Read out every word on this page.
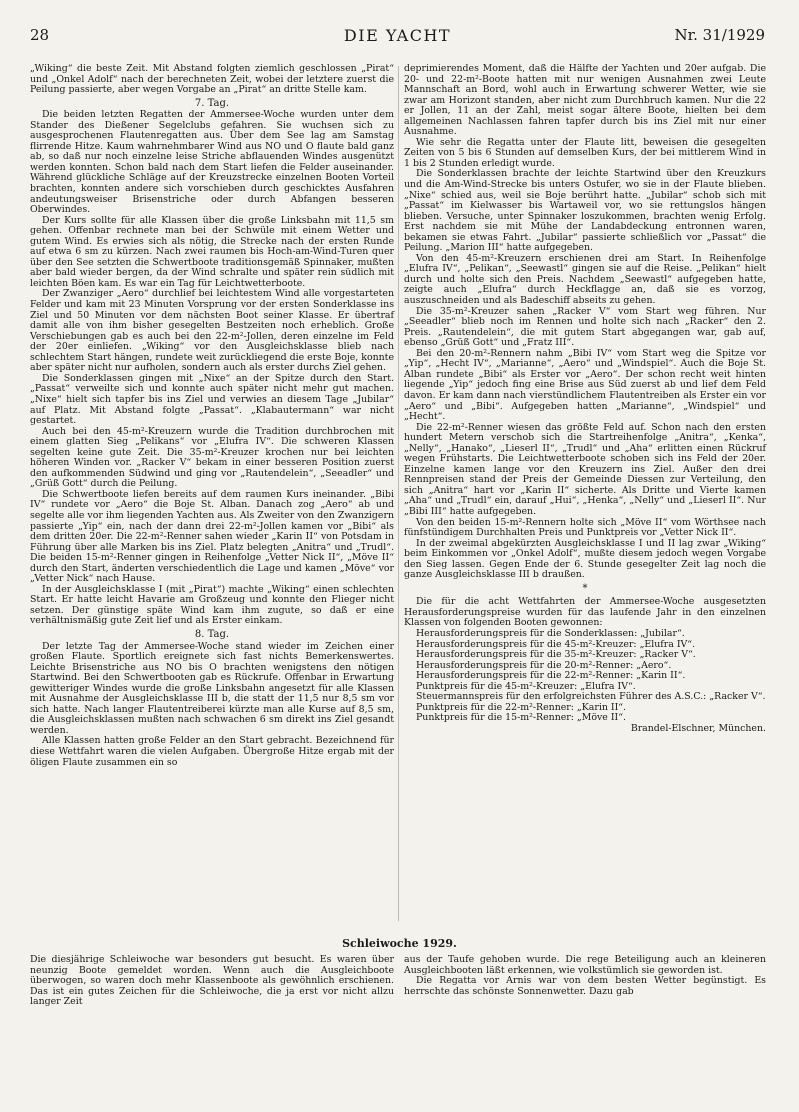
28	DIE YACHT	Nr. 31/1929

„Wiking“ die beste Zeit. Mit Abstand folgten ziemlich geschlossen „Pirat“ und „Onkel Adolf“ nach der berechneten Zeit, wobei der letztere zuerst die Peilung passierte, aber wegen Vorgabe an „Pirat“ an dritte Stelle kam.

7. Tag.

Die beiden letzten Regatten der Ammersee-Woche wurden unter dem Stander des Dießener Segelclubs gefahren. Sie wuchsen sich zu ausgesprochenen Flautenregatten aus. Über dem See lag am Samstag flirrende Hitze. Kaum wahrnehmbarer Wind aus NO und O flaute bald ganz ab, so daß nur noch einzelne leise Striche abflauenden Windes ausgenützt werden konnten. Schon bald nach dem Start liefen die Felder auseinander. Während glückliche Schläge auf der Kreuzstrecke einzelnen Booten Vorteil brachten, konnten andere sich vorschieben durch geschicktes Ausfahren andeutungsweiser Brisenstriche oder durch Abfangen besseren Oberwindes.

Der Kurs sollte für alle Klassen über die große Linksbahn mit 11,5 sm gehen. Offenbar rechnete man bei der Schwüle mit einem Wetter und gutem Wind. Es erwies sich als nötig, die Strecke nach der ersten Runde auf etwa 6 sm zu kürzen. Nach zwei raumen bis Hoch-am-Wind-Turen quer über den See setzten die Schwertboote traditionsgemäß Spinnaker, mußten aber bald wieder bergen, da der Wind schralte und später rein südlich mit leichten Böen kam. Es war ein Tag für Leichtwetterboote.

Der Zwanziger „Aero“ durchlief bei leichtestem Wind alle vorgestarteten Felder und kam mit 23 Minuten Vorsprung vor der ersten Sonderklasse ins Ziel und 50 Minuten vor dem nächsten Boot seiner Klasse. Er übertraf damit alle von ihm bisher gesegelten Bestzeiten noch erheblich. Große Verschiebungen gab es auch bei den 22-m²-Jollen, deren einzelne im Feld der 20er einliefen. „Wiking“ vor den Ausgleichsklasse blieb nach schlechtem Start hängen, rundete weit zurückliegend die erste Boje, konnte aber später nicht nur aufholen, sondern auch als erster durchs Ziel gehen.

Die Sonderklassen gingen mit „Nixe“ an der Spitze durch den Start. „Passat“ verweilte sich und konnte auch später nicht mehr gut machen. „Nixe“ hielt sich tapfer bis ins Ziel und verwies an diesem Tage „Jubilar“ auf Platz. Mit Abstand folgte „Passat“. „Klabautermann“ war nicht gestartet.

Auch bei den 45-m²-Kreuzern wurde die Tradition durchbrochen mit einem glatten Sieg „Pelikans“ vor „Elufra IV“. Die schweren Klassen segelten keine gute Zeit. Die 35-m²-Kreuzer krochen nur bei leichten höheren Winden vor. „Racker V“ bekam in einer besseren Position zuerst den aufkommenden Südwind und ging vor „Rautendelein“, „Seeadler“ und „Grüß Gott“ durch die Peilung.

Die Schwertboote liefen bereits auf dem raumen Kurs ineinander. „Bibi IV“ rundete vor „Aero“ die Boje St. Alban. Danach zog „Aero“ ab und segelte alle vor ihm liegenden Yachten aus. Als Zweiter von den Zwanzigern passierte „Yip“ ein, nach der dann drei 22-m²-Jollen kamen vor „Bibi“ als dem dritten 20er. Die 22-m²-Renner sahen wieder „Karin II“ von Potsdam in Führung über alle Marken bis ins Ziel. Platz belegten „Anitra“ und „Trudl“. Die beiden 15-m²-Renner gingen in Reihenfolge „Vetter Nick II“, „Möve II“ durch den Start, änderten verschiedentlich die Lage und kamen „Möve“ vor „Vetter Nick“ nach Hause.

In der Ausgleichsklasse I (mit „Pirat“) machte „Wiking“ einen schlechten Start. Er hatte leicht Havarie am Großzeug und konnte den Flieger nicht setzen. Der günstige späte Wind kam ihm zugute, so daß er eine verhältnismäßig gute Zeit lief und als Erster einkam.

8. Tag.

Der letzte Tag der Ammersee-Woche stand wieder im Zeichen einer großen Flaute. Sportlich ereignete sich fast nichts Bemerkenswertes. Leichte Brisenstriche aus NO bis O brachten wenigstens den nötigen Startwind. Bei den Schwertbooten gab es Rückrufe. Offenbar in Erwartung gewitteriger Windes wurde die große Linksbahn angesetzt für alle Klassen mit Ausnahme der Ausgleichsklasse III b, die statt der 11,5 nur 8,5 sm vor sich hatte. Nach langer Flautentreiberei kürzte man alle Kurse auf 8,5 sm, die Ausgleichsklassen mußten nach schwachen 6 sm direkt ins Ziel gesandt werden.

Alle Klassen hatten große Felder an den Start gebracht. Bezeichnend für diese Wettfahrt waren die vielen Aufgaben. Übergroße Hitze ergab mit der öligen Flaute zusammen ein so

deprimierendes Moment, daß die Hälfte der Yachten und 20er aufgab. Die 20- und 22-m²-Boote hatten mit nur wenigen Ausnahmen zwei Leute Mannschaft an Bord, wohl auch in Erwartung schwerer Wetter, wie sie zwar am Horizont standen, aber nicht zum Durchbruch kamen. Nur die 22 er Jollen, 11 an der Zahl, meist sogar ältere Boote, hielten bei dem allgemeinen Nachlassen fahren tapfer durch bis ins Ziel mit nur einer Ausnahme.

Wie sehr die Regatta unter der Flaute litt, beweisen die gesegelten Zeiten von 5 bis 6 Stunden auf demselben Kurs, der bei mittlerem Wind in 1 bis 2 Stunden erledigt wurde.

Die Sonderklassen brachte der leichte Startwind über den Kreuzkurs und die Am-Wind-Strecke bis unters Ostufer, wo sie in der Flaute blieben. „Nixe“ schied aus, weil sie Boje berührt hatte. „Jubilar“ schob sich mit „Passat“ im Kielwasser bis Wartaweil vor, wo sie rettungslos hängen blieben. Versuche, unter Spinnaker loszukommen, brachten wenig Erfolg. Erst nachdem sie mit Mühe der Landabdeckung entronnen waren, bekamen sie etwas Fahrt. „Jubilar“ passierte schließlich vor „Passat“ die Peilung. „Marion III“ hatte aufgegeben.

Von den 45-m²-Kreuzern erschienen drei am Start. In Reihenfolge „Elufra IV“, „Pelikan“, „Seewastl“ gingen sie auf die Reise. „Pelikan“ hielt durch und holte sich den Preis. Nachdem „Seewastl“ aufgegeben hatte, zeigte auch „Elufra“ durch Heckflagge an, daß sie es vorzog, auszuschneiden und als Badeschiff abseits zu gehen.

Die 35-m²-Kreuzer sahen „Racker V“ vom Start weg führen. Nur „Seeadler“ blieb noch im Rennen und holte sich nach „Racker“ den 2. Preis. „Rautendelein“, die mit gutem Start abgegangen war, gab auf, ebenso „Grüß Gott“ und „Fratz III“.

Bei den 20-m²-Rennern nahm „Bibi IV“ vom Start weg die Spitze vor „Yip“, „Hecht IV“, „Marianne“, „Aero“ und „Windspiel“. Auch die Boje St. Alban rundete „Bibi“ als Erster vor „Aero“. Der schon recht weit hinten liegende „Yip“ jedoch fing eine Brise aus Süd zuerst ab und lief dem Feld davon. Er kam dann nach vierstündlichem Flautentreiben als Erster ein vor „Aero“ und „Bibi“. Aufgegeben hatten „Marianne“, „Windspiel“ und „Hecht“.

Die 22-m²-Renner wiesen das größte Feld auf. Schon nach den ersten hundert Metern verschob sich die Startreihenfolge „Anitra“, „Kenka“, „Nelly“, „Hanako“, „Lieserl II“, „Trudl“ und „Aha“ erlitten einen Rückruf wegen Frühstarts. Die Leichtwetterboote schoben sich ins Feld der 20er. Einzelne kamen lange vor den Kreuzern ins Ziel. Außer den drei Rennpreisen stand der Preis der Gemeinde Diessen zur Verteilung, den sich „Anitra“ hart vor „Karin II“ sicherte. Als Dritte und Vierte kamen „Aha“ und „Trudl“ ein, darauf „Hui“, „Henka“, „Nelly“ und „Lieserl II“. Nur „Bibi III“ hatte aufgegeben.

Von den beiden 15-m²-Rennern holte sich „Möve II“ vom Wörthsee nach fünfstündigem Durchhalten Preis und Punktpreis vor „Vetter Nick II“.

In der zweimal abgekürzten Ausgleichsklasse I und II lag zwar „Wiking“ beim Einkommen vor „Onkel Adolf“, mußte diesem jedoch wegen Vorgabe den Sieg lassen. Gegen Ende der 6. Stunde gesegelter Zeit lag noch die ganze Ausgleichsklasse III b draußen.

*

Die für die acht Wettfahrten der Ammersee-Woche ausgesetzten Herausforderungspreise wurden für das laufende Jahr in den einzelnen Klassen von folgenden Booten gewonnen:

Herausforderungspreis für die Sonderklassen: „Jubilar“.

Herausforderungspreis für die 45-m²-Kreuzer: „Elufra IV“.

Herausforderungspreis für die 35-m²-Kreuzer: „Racker V“.

Herausforderungspreis für die 20-m²-Renner: „Aero“.

Herausforderungspreis für die 22-m²-Renner: „Karin II“.

Punktpreis für die 45-m²-Kreuzer: „Elufra IV“.

Steuermannspreis für den erfolgreichsten Führer des A.S.C.: „Racker V“.

Punktpreis für die 22-m²-Renner: „Karin II“.

Punktpreis für die 15-m²-Renner: „Möve II“.

Brandel-Elschner, München.

Schleiwoche 1929.

Die diesjährige Schleiwoche war besonders gut besucht. Es waren über neunzig Boote gemeldet worden. Wenn auch die Ausgleichboote überwogen, so waren doch mehr Klassenboote als gewöhnlich erschienen. Das ist ein gutes Zeichen für die Schleiwoche, die ja erst vor nicht allzu langer Zeit

aus der Taufe gehoben wurde. Die rege Beteiligung auch an kleineren Ausgleichbooten läßt erkennen, wie volkstümlich sie geworden ist.

Die Regatta vor Arnis war von dem besten Wetter begünstigt. Es herrschte das schönste Sonnenwetter. Dazu gab
